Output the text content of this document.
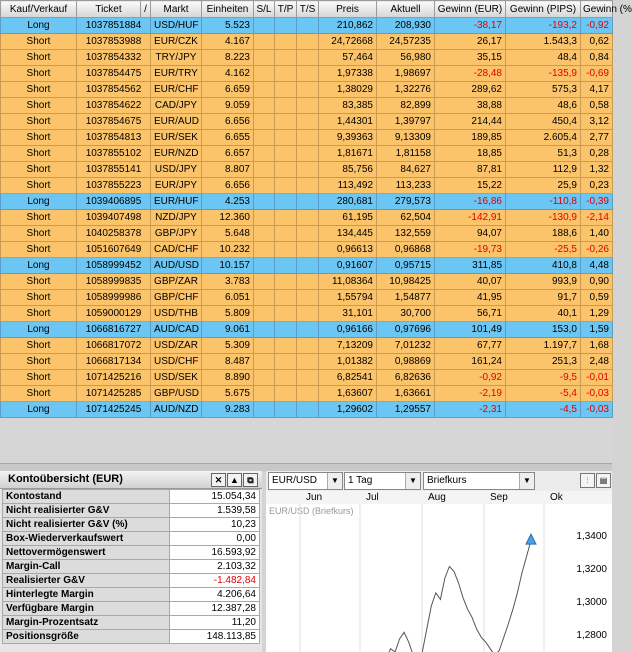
Kauf/Verkauf	Ticket	/	Markt	Einheiten	S/L	T/P	T/S	Preis	Aktuell	Gewinn (EUR)	Gewinn (PIPS)	Gewinn (%
Long	1037851884		USD/HUF	5.523				210,862	208,930	-38,17	-193,2	-0,92
Short	1037853988		EUR/CZK	4.167				24,72668	24,57235	26,17	1.543,3	0,62
Short	1037854332		TRY/JPY	8.223				57,464	56,980	35,15	48,4	0,84
Short	1037854475		EUR/TRY	4.162				1,97338	1,98697	-28,48	-135,9	-0,69
Short	1037854562		EUR/CHF	6.659				1,38029	1,32276	289,62	575,3	4,17
Short	1037854622		CAD/JPY	9.059				83,385	82,899	38,88	48,6	0,58
Short	1037854675		EUR/AUD	6.656				1,44301	1,39797	214,44	450,4	3,12
Short	1037854813		EUR/SEK	6.655				9,39363	9,13309	189,85	2.605,4	2,77
Short	1037855102		EUR/NZD	6.657				1,81671	1,81158	18,85	51,3	0,28
Short	1037855141		USD/JPY	8.807				85,756	84,627	87,81	112,9	1,32
Short	1037855223		EUR/JPY	6.656				113,492	113,233	15,22	25,9	0,23
Long	1039406895		EUR/HUF	4.253				280,681	279,573	-16,86	-110,8	-0,39
Short	1039407498		NZD/JPY	12.360				61,195	62,504	-142,91	-130,9	-2,14
Short	1040258378		GBP/JPY	5.648				134,445	132,559	94,07	188,6	1,40
Short	1051607649		CAD/CHF	10.232				0,96613	0,96868	-19,73	-25,5	-0,26
Long	1058999452		AUD/USD	10.157				0,91607	0,95715	311,85	410,8	4,48
Short	1058999835		GBP/ZAR	3.783				11,08364	10,98425	40,07	993,9	0,90
Short	1058999986		GBP/CHF	6.051				1,55794	1,54877	41,95	91,7	0,59
Short	1059000129		USD/THB	5.809				31,101	30,700	56,71	40,1	1,29
Long	1066816727		AUD/CAD	9.061				0,96166	0,97696	101,49	153,0	1,59
Short	1066817072		USD/ZAR	5.309				7,13209	7,01232	67,77	1.197,7	1,68
Short	1066817134		USD/CHF	8.487				1,01382	0,98869	161,24	251,3	2,48
Short	1071425216		USD/SEK	8.890				6,82541	6,82636	-0,92	-9,5	-0,01
Short	1071425285		GBP/USD	5.675				1,63607	1,63661	-2,19	-5,4	-0,03
Long	1071425245		AUD/NZD	9.283				1,29602	1,29557	-2,31	-4,5	-0,03
Kontoübersicht (EUR)	✕ ▲ ⧉
Kontostand	15.054,34
Nicht realisierter G&V	1.539,58
Nicht realisierter G&V (%)	10,23
Box-Wiederverkaufswert	0,00
Nettovermögenswert	16.593,92
Margin-Call	2.103,32
Realisierter G&V	-1.482,84
Hinterlegte Margin	4.206,64
Verfügbare Margin	12.387,28
Margin-Prozentsatz	11,20
Positionsgröße	148.113,85
EUR/USD	▼ 1 Tag	▼	Briefkurs	▼	⫶	▤
Jun	Jul	Aug	Sep	Ok
EUR/USD (Briefkurs)
1,3400
1,3200
1,3000
1,2800
